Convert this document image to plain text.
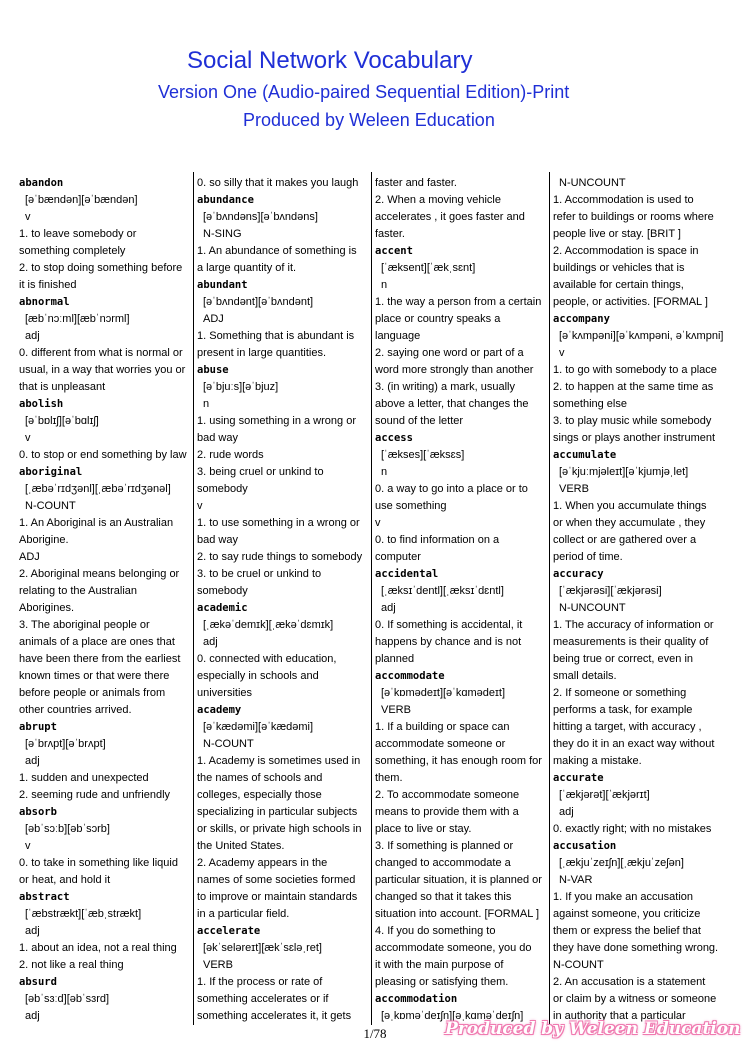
Social Network Vocabulary
Version One (Audio-paired Sequential Edition)-Print
Produced by Weleen Education
abandon
[əˈbændən][əˈbændən]
v
1. to leave somebody or
something completely
2. to stop doing something before
it is finished
abnormal
[æbˈnɔːml][æbˈnɔrml]
adj
0. different from what is normal or
usual, in a way that worries you or
that is unpleasant
abolish
[əˈbɒlɪʃ][əˈbɑlɪʃ]
v
0. to stop or end something by law
aboriginal
[ˌæbəˈrɪdʒənl][ˌæbəˈrɪdʒənəl]
N-COUNT
1. An Aboriginal is an Australian
Aborigine.
ADJ
2. Aboriginal means belonging or
relating to the Australian
Aborigines.
3. The aboriginal people or
animals of a place are ones that
have been there from the earliest
known times or that were there
before people or animals from
other countries arrived.
abrupt
[əˈbrʌpt][əˈbrʌpt]
adj
1. sudden and unexpected
2. seeming rude and unfriendly
absorb
[əbˈsɔːb][əbˈsɔrb]
v
0. to take in something like liquid
or heat, and hold it
abstract
[ˈæbstrækt][ˈæbˌstrækt]
adj
1. about an idea, not a real thing
2. not like a real thing
absurd
[əbˈsɜːd][əbˈsɜrd]
adj
0. so silly that it makes you laugh
abundance
[əˈbʌndəns][əˈbʌndəns]
N-SING
1. An abundance of something is
a large quantity of it.
abundant
[əˈbʌndənt][əˈbʌndənt]
ADJ
1. Something that is abundant is
present in large quantities.
abuse
[əˈbjuːs][əˈbjuz]
n
1. using something in a wrong or
bad way
2. rude words
3. being cruel or unkind to
somebody
v
1. to use something in a wrong or
bad way
2. to say rude things to somebody
3. to be cruel or unkind to
somebody
academic
[ˌækəˈdemɪk][ˌækəˈdɛmɪk]
adj
0. connected with education,
especially in schools and
universities
academy
[əˈkædəmi][əˈkædəmi]
N-COUNT
1. Academy is sometimes used in
the names of schools and
colleges, especially those
specializing in particular subjects
or skills, or private high schools in
the United States.
2. Academy appears in the
names of some societies formed
to improve or maintain standards
in a particular field.
accelerate
[əkˈseləreɪt][ækˈsɛləˌret]
VERB
1. If the process or rate of
something accelerates or if
something accelerates it, it gets
faster and faster.
2. When a moving vehicle
accelerates , it goes faster and
faster.
accent
[ˈæksent][ˈækˌsɛnt]
n
1. the way a person from a certain
place or country speaks a
language
2. saying one word or part of a
word more strongly than another
3. (in writing) a mark, usually
above a letter, that changes the
sound of the letter
access
[ˈækses][ˈæksɛs]
n
0. a way to go into a place or to
use something
v
0. to find information on a
computer
accidental
[ˌæksɪˈdentl][ˌæksɪˈdɛntl]
adj
0. If something is accidental, it
happens by chance and is not
planned
accommodate
[əˈkɒmədeɪt][əˈkɑmədeɪt]
VERB
1. If a building or space can
accommodate someone or
something, it has enough room for
them.
2. To accommodate someone
means to provide them with a
place to live or stay.
3. If something is planned or
changed to accommodate a
particular situation, it is planned or
changed so that it takes this
situation into account. [FORMAL ]
4. If you do something to
accommodate someone, you do
it with the main purpose of
pleasing or satisfying them.
accommodation
[əˌkɒməˈdeɪʃn][əˌkɑməˈdeɪʃn]
N-UNCOUNT
1. Accommodation is used to
refer to buildings or rooms where
people live or stay. [BRIT ]
2. Accommodation is space in
buildings or vehicles that is
available for certain things,
people, or activities. [FORMAL ]
accompany
[əˈkʌmpəni][əˈkʌmpəni, əˈkʌmpni]
v
1. to go with somebody to a place
2. to happen at the same time as
something else
3. to play music while somebody
sings or plays another instrument
accumulate
[əˈkjuːmjəleɪt][əˈkjumjəˌlet]
VERB
1. When you accumulate things
or when they accumulate , they
collect or are gathered over a
period of time.
accuracy
[ˈækjərəsi][ˈækjərəsi]
N-UNCOUNT
1. The accuracy of information or
measurements is their quality of
being true or correct, even in
small details.
2. If someone or something
performs a task, for example
hitting a target, with accuracy ,
they do it in an exact way without
making a mistake.
accurate
[ˈækjərət][ˈækjərɪt]
adj
0. exactly right; with no mistakes
accusation
[ˌækjuˈzeɪʃn][ˌækjuˈzeʃən]
N-VAR
1. If you make an accusation
against someone, you criticize
them or express the belief that
they have done something wrong.
N-COUNT
2. An accusation is a statement
or claim by a witness or someone
in authority that a particular
1/78	Produced by Weleen Education
